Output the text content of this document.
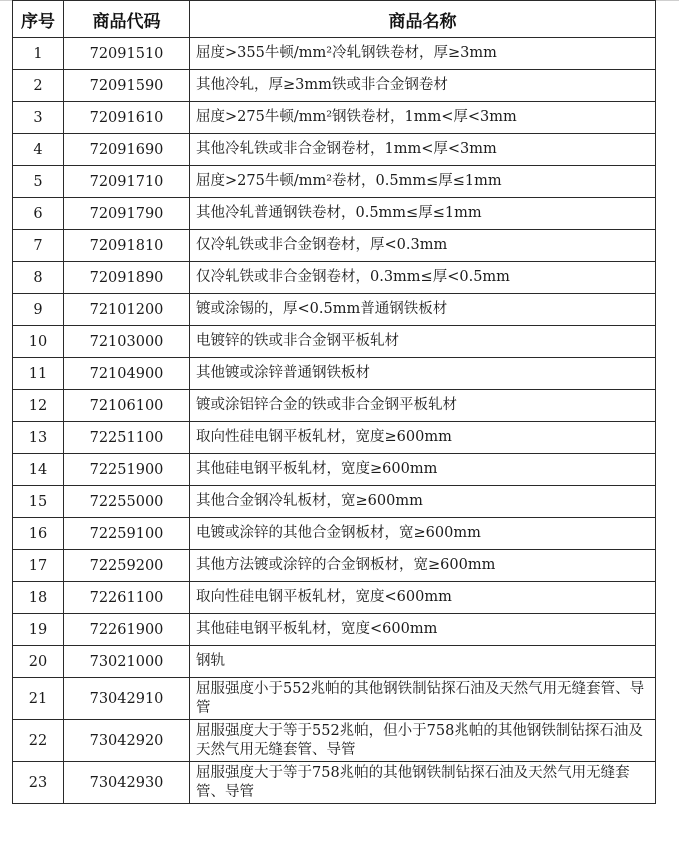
序号	商品代码	商品名称
1	72091510	屈度>355牛顿/mm²冷轧钢铁卷材，厚≥3mm
2	72091590	其他冷轧，厚≥3mm铁或非合金钢卷材
3	72091610	屈度>275牛顿/mm²钢铁卷材，1mm<厚<3mm
4	72091690	其他冷轧铁或非合金钢卷材，1mm<厚<3mm
5	72091710	屈度>275牛顿/mm²卷材，0.5mm≤厚≤1mm
6	72091790	其他冷轧普通钢铁卷材，0.5mm≤厚≤1mm
7	72091810	仅冷轧铁或非合金钢卷材，厚<0.3mm
8	72091890	仅冷轧铁或非合金钢卷材，0.3mm≤厚<0.5mm
9	72101200	镀或涂锡的，厚<0.5mm普通钢铁板材
10	72103000	电镀锌的铁或非合金钢平板轧材
11	72104900	其他镀或涂锌普通钢铁板材
12	72106100	镀或涂铝锌合金的铁或非合金钢平板轧材
13	72251100	取向性硅电钢平板轧材，宽度≥600mm
14	72251900	其他硅电钢平板轧材，宽度≥600mm
15	72255000	其他合金钢冷轧板材，宽≥600mm
16	72259100	电镀或涂锌的其他合金钢板材，宽≥600mm
17	72259200	其他方法镀或涂锌的合金钢板材，宽≥600mm
18	72261100	取向性硅电钢平板轧材，宽度<600mm
19	72261900	其他硅电钢平板轧材，宽度<600mm
20	73021000	钢轨
21	73042910	屈服强度小于552兆帕的其他钢铁制钻探石油及天然气用无缝套管、导管
22	73042920	屈服强度大于等于552兆帕，但小于758兆帕的其他钢铁制钻探石油及天然气用无缝套管、导管
23	73042930	屈服强度大于等于758兆帕的其他钢铁制钻探石油及天然气用无缝套管、导管
